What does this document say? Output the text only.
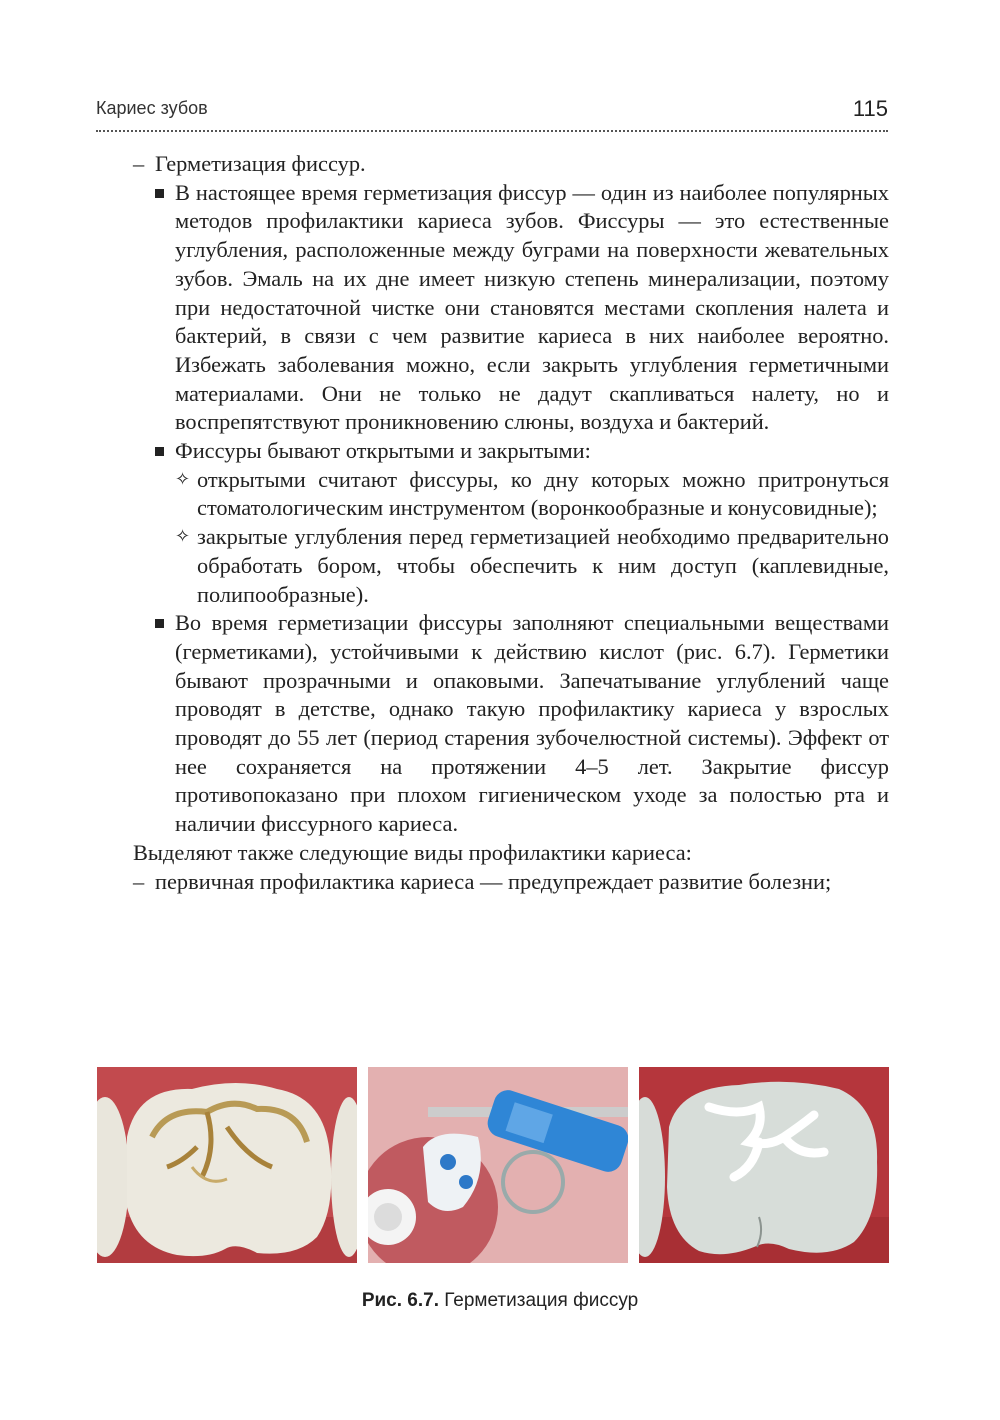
Кариес зубов	115

– Герметизация фиссур.

В настоящее время герметизация фиссур — один из наиболее популярных методов профилактики кариеса зубов. Фиссуры — это естественные углубления, расположенные между буграми на поверхности жевательных зубов. Эмаль на их дне имеет низкую степень минерализации, поэтому при недостаточной чистке они становятся местами скопления налета и бактерий, в связи с чем развитие кариеса в них наиболее вероятно. Избежать заболевания можно, если закрыть углубления герметичными материалами. Они не только не дадут скапливаться налету, но и воспрепятствуют проникновению слюны, воздуха и бактерий.

Фиссуры бывают открытыми и закрытыми:

✧ открытыми считают фиссуры, ко дну которых можно притронуться стоматологическим инструментом (воронкообразные и конусовидные);

✧ закрытые углубления перед герметизацией необходимо предварительно обработать бором, чтобы обеспечить к ним доступ (каплевидные, полипообразные).

Во время герметизации фиссуры заполняют специальными веществами (герметиками), устойчивыми к действию кислот (рис. 6.7). Герметики бывают прозрачными и опаковыми. Запечатывание углублений чаще проводят в детстве, однако такую профилактику кариеса у взрослых проводят до 55 лет (период старения зубочелюстной системы). Эффект от нее сохраняется на протяжении 4–5 лет. Закрытие фиссур противопоказано при плохом гигиеническом уходе за полостью рта и наличии фиссурного кариеса.

Выделяют также следующие виды профилактики кариеса:

– первичная профилактика кариеса — предупреждает развитие болезни;

Рис. 6.7. Герметизация фиссур
